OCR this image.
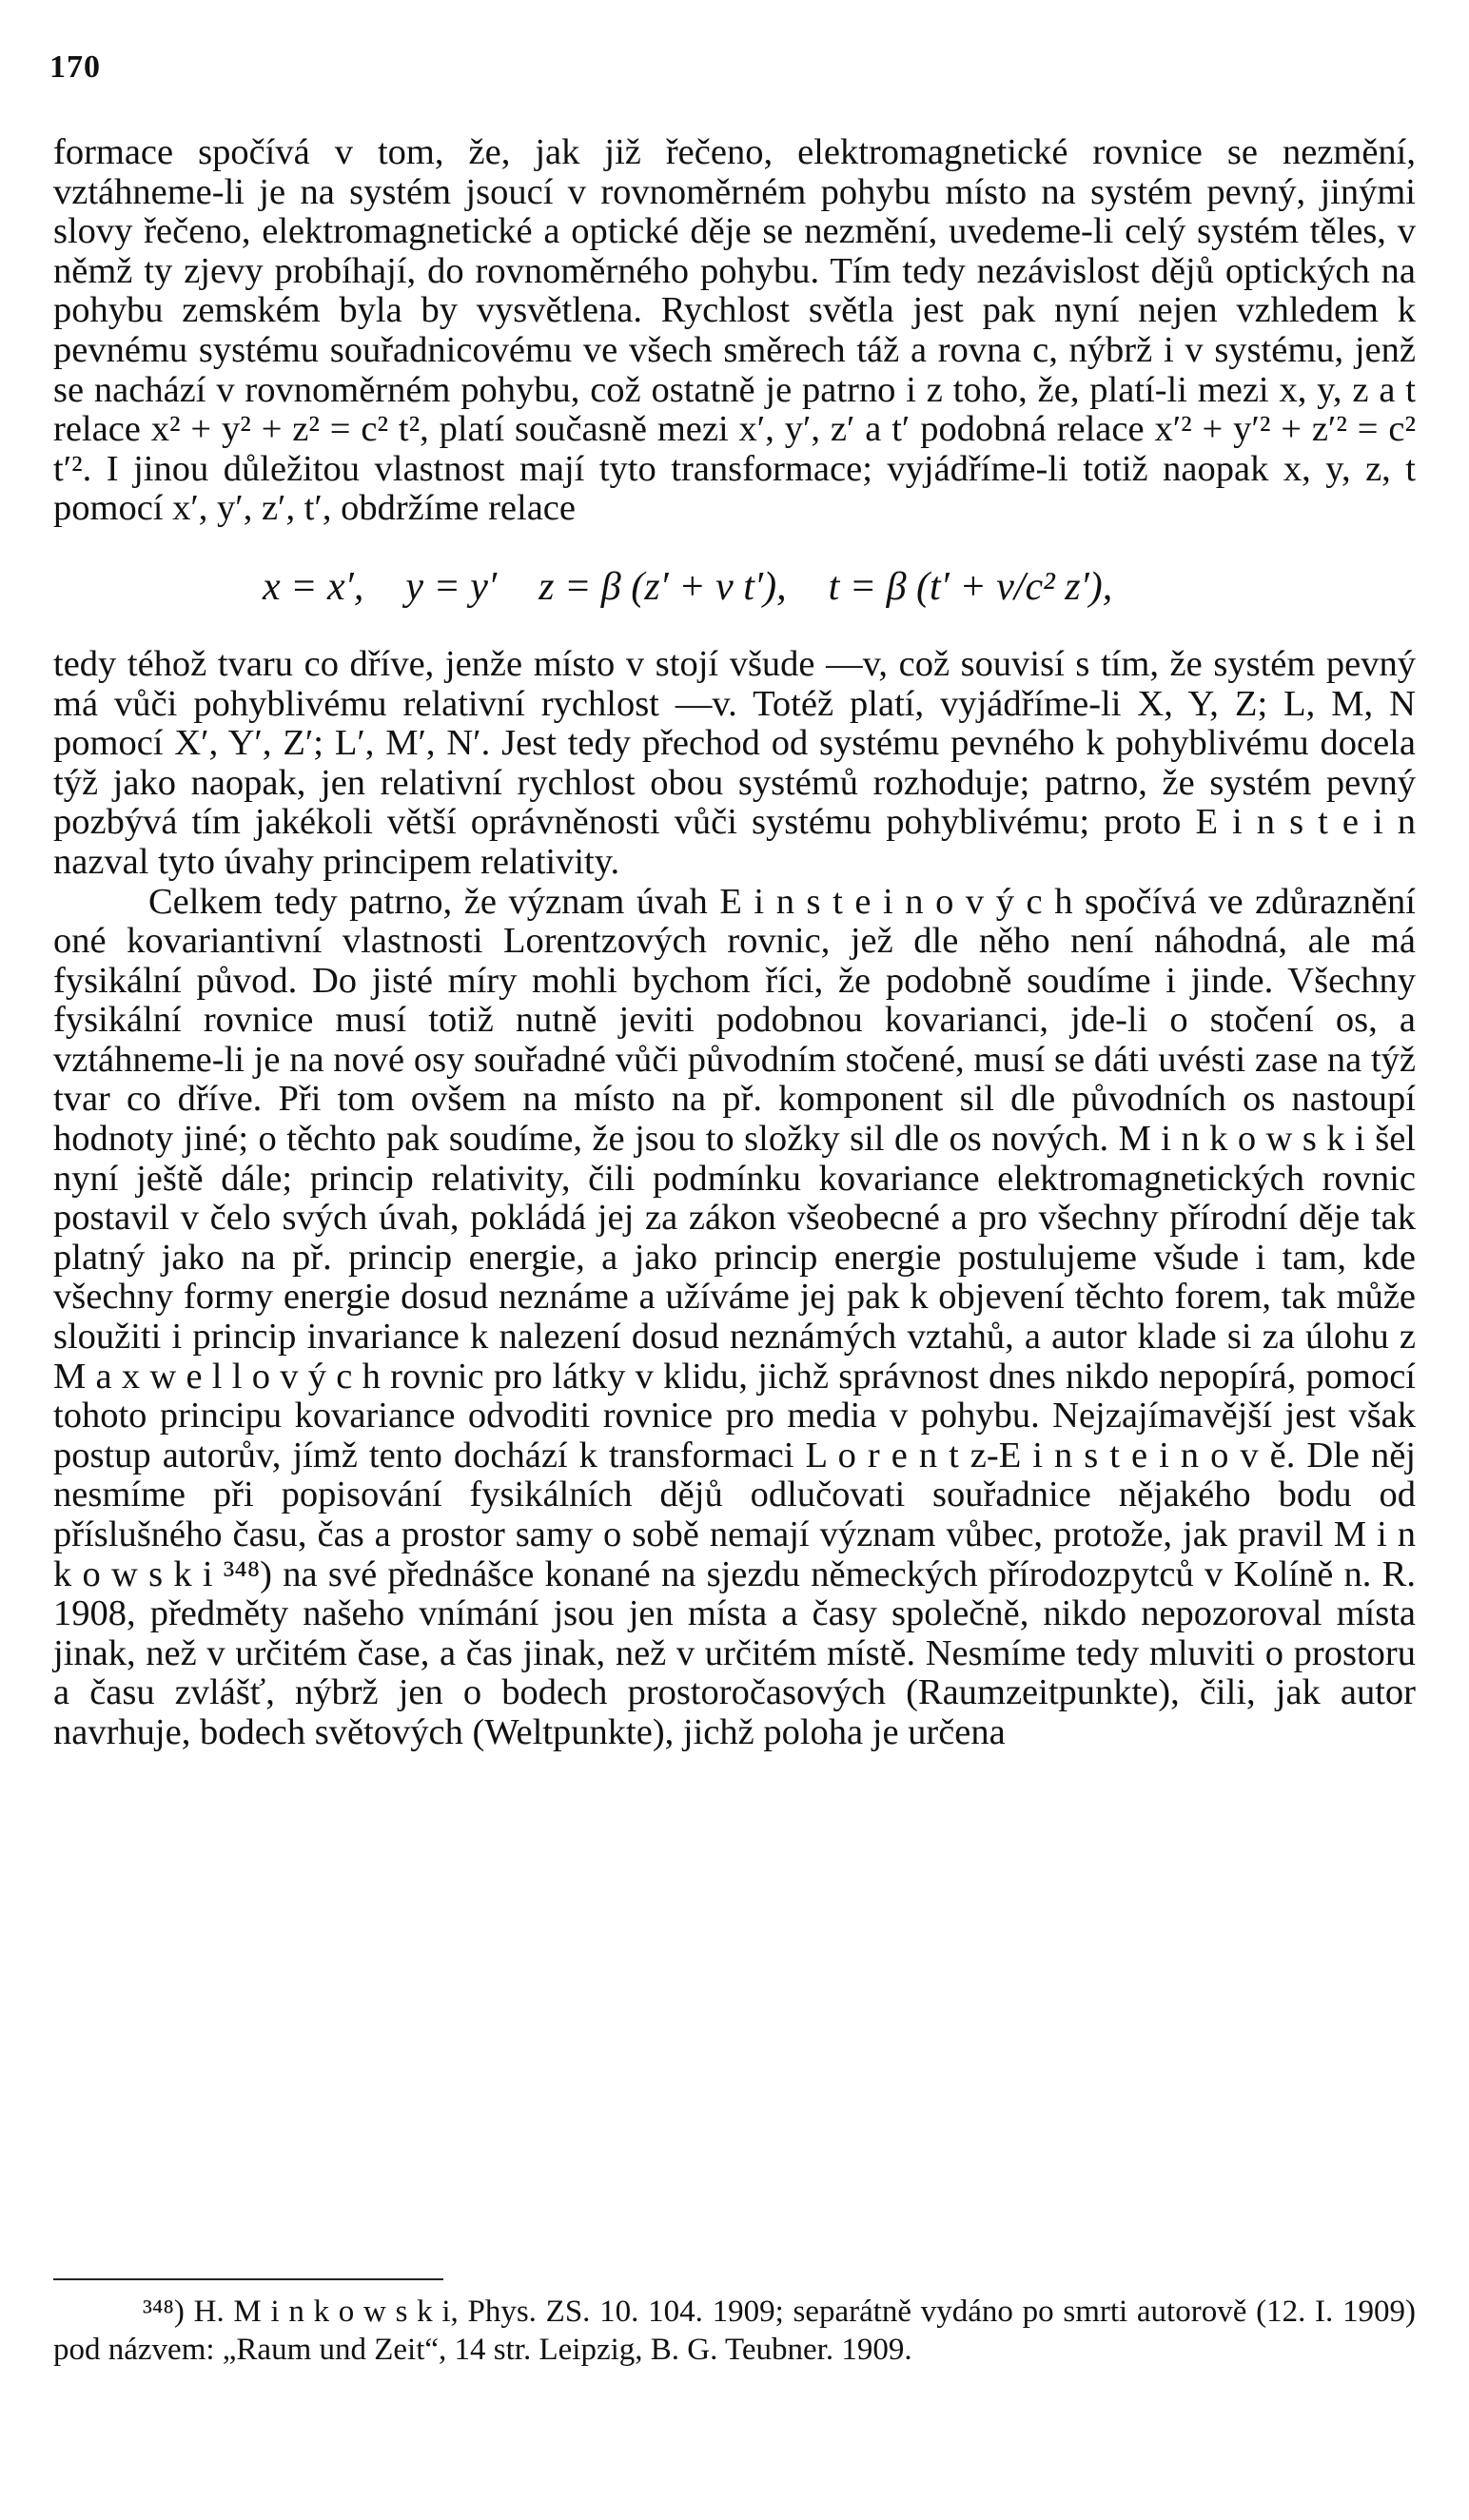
170

formace spočívá v tom, že, jak již řečeno, elektromagnetické rovnice se nezmění, vztáhneme-li je na systém jsoucí v rovnoměrném pohybu místo na systém pevný, jinými slovy řečeno, elektromagnetické a optické děje se nezmění, uvedeme-li celý systém těles, v němž ty zjevy probíhají, do rovnoměrného pohybu. Tím tedy nezávislost dějů optických na pohybu zemském byla by vysvětlena. Rychlost světla jest pak nyní nejen vzhledem k pevnému systému souřadnicovému ve všech směrech táž a rovna c, nýbrž i v systému, jenž se nachází v rovnoměrném pohybu, což ostatně je patrno i z toho, že, platí-li mezi x, y, z a t relace x² + y² + z² = c² t², platí současně mezi x′, y′, z′ a t′ podobná relace x′² + y′² + z′² = c² t′². I jinou důležitou vlastnost mají tyto transformace; vyjádříme-li totiž naopak x, y, z, t pomocí x′, y′, z′, t′, obdržíme relace

x = x′, y = y′ z = β (z′ + v t′), t = β (t′ + v/c² z′),

tedy téhož tvaru co dříve, jenže místo v stojí všude —v, což souvisí s tím, že systém pevný má vůči pohyblivému relativní rychlost —v. Totéž platí, vyjádříme-li X, Y, Z; L, M, N pomocí X′, Y′, Z′; L′, M′, N′. Jest tedy přechod od systému pevného k pohyblivému docela týž jako naopak, jen relativní rychlost obou systémů rozhoduje; patrno, že systém pevný pozbývá tím jakékoli větší oprávněnosti vůči systému pohyblivému; proto E i n s t e i n nazval tyto úvahy principem relativity.

Celkem tedy patrno, že význam úvah E i n s t e i n o v ý c h spočívá ve zdůraznění oné kovariantivní vlastnosti Lorentzových rovnic, jež dle něho není náhodná, ale má fysikální původ. Do jisté míry mohli bychom říci, že podobně soudíme i jinde. Všechny fysikální rovnice musí totiž nutně jeviti podobnou kovarianci, jde-li o stočení os, a vztáhneme-li je na nové osy souřadné vůči původním stočené, musí se dáti uvésti zase na týž tvar co dříve. Při tom ovšem na místo na př. komponent sil dle původních os nastoupí hodnoty jiné; o těchto pak soudíme, že jsou to složky sil dle os nových. M i n k o w s k i šel nyní ještě dále; princip relativity, čili podmínku kovariance elektromagnetických rovnic postavil v čelo svých úvah, pokládá jej za zákon všeobecné a pro všechny přírodní děje tak platný jako na př. princip energie, a jako princip energie postulujeme všude i tam, kde všechny formy energie dosud neznáme a užíváme jej pak k objevení těchto forem, tak může sloužiti i princip invariance k nalezení dosud neznámých vztahů, a autor klade si za úlohu z M a x w e l l o v ý c h rovnic pro látky v klidu, jichž správnost dnes nikdo nepopírá, pomocí tohoto principu kovariance odvoditi rovnice pro media v pohybu. Nejzajímavější jest však postup autorův, jímž tento dochází k transformaci L o r e n t z-E i n s t e i n o v ě. Dle něj nesmíme při popisování fysikálních dějů odlučovati souřadnice nějakého bodu od příslušného času, čas a prostor samy o sobě nemají význam vůbec, protože, jak pravil M i n k o w s k i ³⁴⁸) na své přednášce konané na sjezdu německých přírodozpytců v Kolíně n. R. 1908, předměty našeho vnímání jsou jen místa a časy společně, nikdo nepozoroval místa jinak, než v určitém čase, a čas jinak, než v určitém místě. Nesmíme tedy mluviti o prostoru a času zvlášť, nýbrž jen o bodech prostoročasových (Raumzeitpunkte), čili, jak autor navrhuje, bodech světových (Weltpunkte), jichž poloha je určena

³⁴⁸) H. M i n k o w s k i, Phys. ZS. 10. 104. 1909; separátně vydáno po smrti autorově (12. I. 1909) pod názvem: „Raum und Zeit“, 14 str. Leipzig, B. G. Teubner. 1909.
